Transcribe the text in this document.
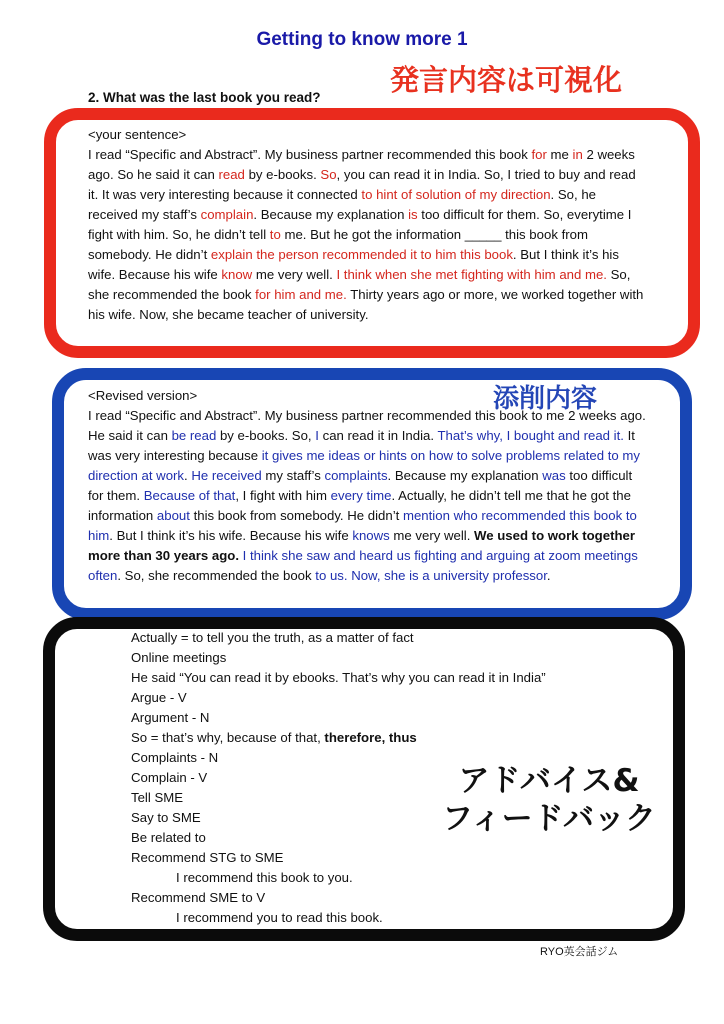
Getting to know more 1
発言内容は可視化
2. What was the last book you read?
<your sentence>
I read “Specific and Abstract”. My business partner recommended this book for me in 2 weeks ago. So he said it can read by e-books. So, you can read it in India. So, I tried to buy and read it. It was very interesting because it connected to hint of solution of my direction. So, he received my staff’s complain. Because my explanation is too difficult for them. So, everytime I fight with him. So, he didn’t tell to me. But he got the information _____ this book from somebody. He didn’t explain the person recommended it to him this book. But I think it’s his wife. Because his wife know me very well. I think when she met fighting with him and me. So, she recommended the book for him and me. Thirty years ago or more, we worked together with his wife. Now, she became teacher of university.
添削内容
<Revised version>
I read “Specific and Abstract”. My business partner recommended this book to me 2 weeks ago. He said it can be read by e-books. So, I can read it in India. That’s why, I bought and read it. It was very interesting because it gives me ideas or hints on how to solve problems related to my direction at work. He received my staff’s complaints. Because my explanation was too difficult for them. Because of that, I fight with him every time. Actually, he didn’t tell me that he got the information about this book from somebody. He didn’t mention who recommended this book to him. But I think it’s his wife. Because his wife knows me very well. We used to work together more than 30 years ago. I think she saw and heard us fighting and arguing at zoom meetings often. So, she recommended the book to us. Now, she is a university professor.
Actually = to tell you the truth, as a matter of fact
Online meetings
He said “You can read it by ebooks. That’s why you can read it in India”
Argue - V
Argument - N
So = that’s why, because of that, therefore, thus
Complaints - N
Complain - V
Tell SME
Say to SME
Be related to
Recommend STG to SME
I recommend this book to you.
Recommend SME to V
I recommend you to read this book.
アドバイス&
フィードバック
RYO英会話ジム
